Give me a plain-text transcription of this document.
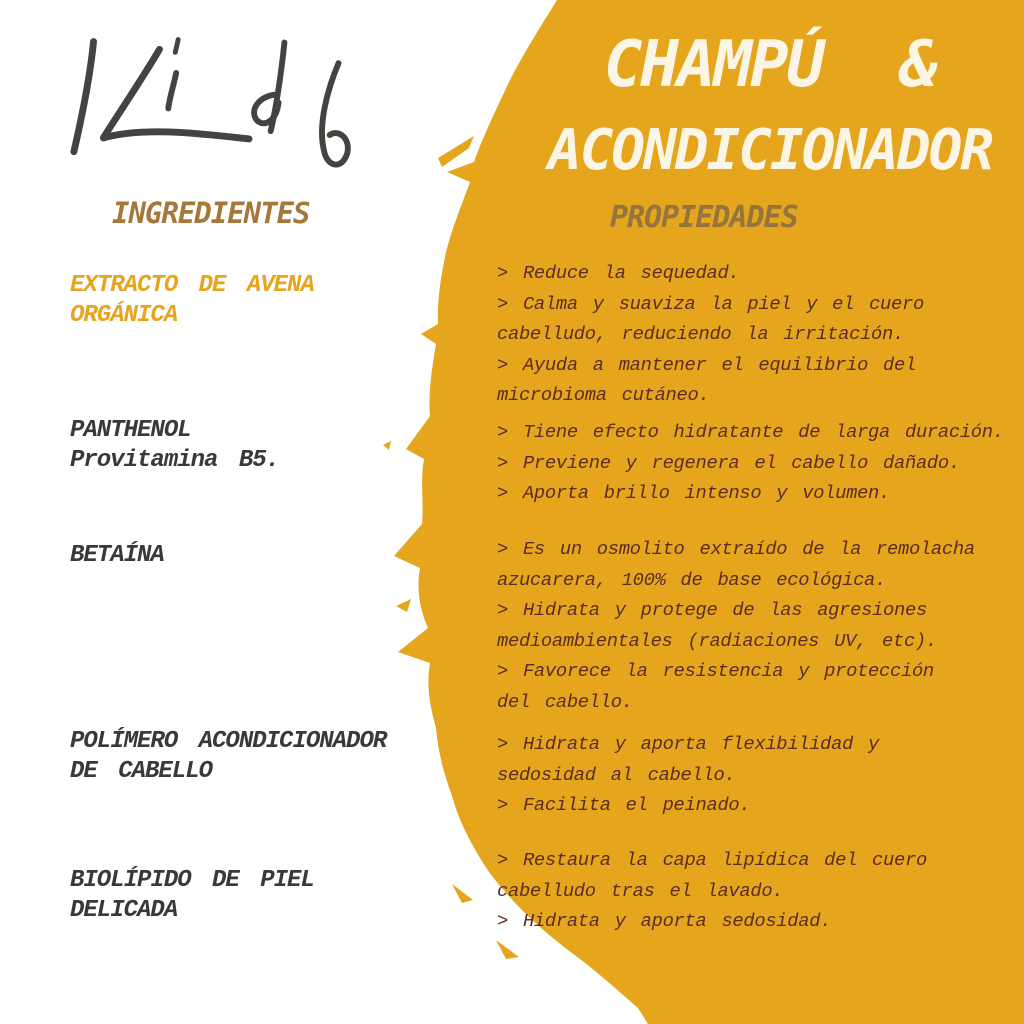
CHAMPÚ &
ACONDICIONADOR
INGREDIENTES	PROPIEDADES
EXTRACTO DE AVENA
ORGÁNICA
PANTHENOL
Provitamina B5.
BETAÍNA
POLÍMERO ACONDICIONADOR
DE CABELLO
BIOLÍPIDO DE PIEL
DELICADA
> Reduce la sequedad.
> Calma y suaviza la piel y el cuero
cabelludo, reduciendo la irritación.
> Ayuda a mantener el equilibrio del
microbioma cutáneo.
> Tiene efecto hidratante de larga duración.
> Previene y regenera el cabello dañado.
> Aporta brillo intenso y volumen.
> Es un osmolito extraído de la remolacha
azucarera, 100% de base ecológica.
> Hidrata y protege de las agresiones
medioambientales (radiaciones UV, etc).
> Favorece la resistencia y protección
del cabello.
> Hidrata y aporta flexibilidad y
sedosidad al cabello.
> Facilita el peinado.
> Restaura la capa lipídica del cuero
cabelludo tras el lavado.
> Hidrata y aporta sedosidad.
